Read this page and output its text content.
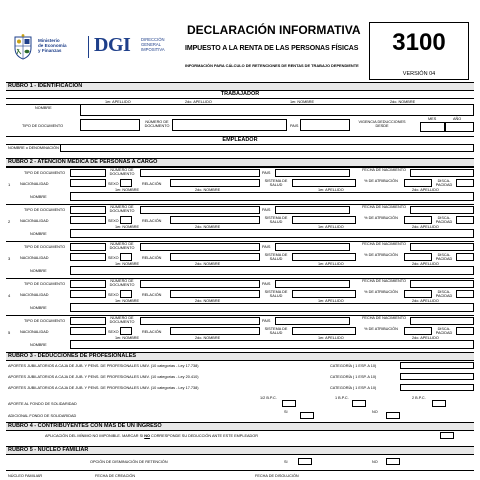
Ministerio
de Economía
y Finanzas DGI	DIRECCIÓN
GENERAL
IMPOSITIVA
DECLARACIÓN INFORMATIVA
IMPUESTO A LA RENTA DE LAS PERSONAS FÍSICAS
INFORMACIÓN PARA CÁLCULO DE RETENCIONES DE RENTAS DE TRABAJO DEPENDIENTE
3100
VERSIÓN 04
RUBRO 1 - IDENTIFICACIÓN
TRABAJADOR
1er. APELLIDO	2do. APELLIDO	1er. NOMBRE	2do. NOMBRE
NOMBRE
TIPO DE DOCUMENTO
NÚMERO DE DOCUMENTO	PAIS
VIGENCIA DEDUCCIONES DESDE
MES	AÑO
EMPLEADOR
NOMBRE o DENOMINACIÓN
RUBRO 2 - ATENCIÓN MÉDICA DE PERSONAS A CARGO
TIPO DE DOCUMENTO
NÚMERO DE DOCUMENTO	PAIS
FECHA DE NACIMIENTO
1	NACIONALIDAD	SEXO	RELACIÓN
SISTEMA DE SALUD
% DE ATRIBUCIÓN	DISCA-PACIDAD
1er. NOMBRE	2do. NOMBRE	1er. APELLIDO	2do. APELLIDO
NOMBRE
TIPO DE DOCUMENTO
NÚMERO DE DOCUMENTO	PAIS
FECHA DE NACIMIENTO
2	NACIONALIDAD	SEXO	RELACIÓN
SISTEMA DE SALUD
% DE ATRIBUCIÓN	DISCA-PACIDAD
1er. NOMBRE	2do. NOMBRE	1er. APELLIDO	2do. APELLIDO
NOMBRE
TIPO DE DOCUMENTO
NÚMERO DE DOCUMENTO	PAIS
FECHA DE NACIMIENTO
3	NACIONALIDAD	SEXO	RELACIÓN
SISTEMA DE SALUD
% DE ATRIBUCIÓN	DISCA-PACIDAD
1er. NOMBRE	2do. NOMBRE	1er. APELLIDO	2do. APELLIDO
NOMBRE
TIPO DE DOCUMENTO
NÚMERO DE DOCUMENTO	PAIS
FECHA DE NACIMIENTO
4	NACIONALIDAD	SEXO	RELACIÓN
SISTEMA DE SALUD
% DE ATRIBUCIÓN	DISCA-PACIDAD
1er. NOMBRE	2do. NOMBRE	1er. APELLIDO	2do. APELLIDO
NOMBRE
TIPO DE DOCUMENTO
NÚMERO DE DOCUMENTO	PAIS
FECHA DE NACIMIENTO
5	NACIONALIDAD	SEXO	RELACIÓN
SISTEMA DE SALUD
% DE ATRIBUCIÓN	DISCA-PACIDAD
1er. NOMBRE	2do. NOMBRE	1er. APELLIDO	2do. APELLIDO
NOMBRE
RUBRO 3 - DEDUCCIONES DE PROFESIONALES
APORTES JUBILATORIOS A CAJA DE JUB. Y PENS. DE PROFESIONALES UNIV. (10 categorías - Ley 17.738)	CATEGORÍA ( 1 ESP. A 10)
APORTES JUBILATORIOS A CAJA DE JUB. Y PENS. DE PROFESIONALES UNIV. (10 categorías - Ley 20.410)	CATEGORÍA ( 1 ESP. A 10)
APORTES JUBILATORIOS A CAJA DE JUB. Y PENS. DE PROFESIONALES UNIV. (10 categorías - Ley 17.738)	CATEGORÍA ( 1 ESP. A 10)
1/2 B.P.C.	1 B.P.C.	2 B.P.C.
APORTE AL FONDO DE SOLIDARIDAD
SI	NO
ADICIONAL FONDO DE SOLIDARIDAD
RUBRO 4 - CONTRIBUYENTES CON MÁS DE UN INGRESO
APLICACIÓN DEL MÍNIMO NO IMPONIBLE. MARCAR SI NO CORRESPONDE SU DEDUCCIÓN ANTE ESTE EMPLEADOR
RUBRO 5 - NÚCLEO FAMILIAR
OPCIÓN DE DISMINUCIÓN DE RETENCIÓN	SI	NO
NÚCLEO FAMILIAR	FECHA DE CREACIÓN	FECHA DE DISOLUCIÓN
